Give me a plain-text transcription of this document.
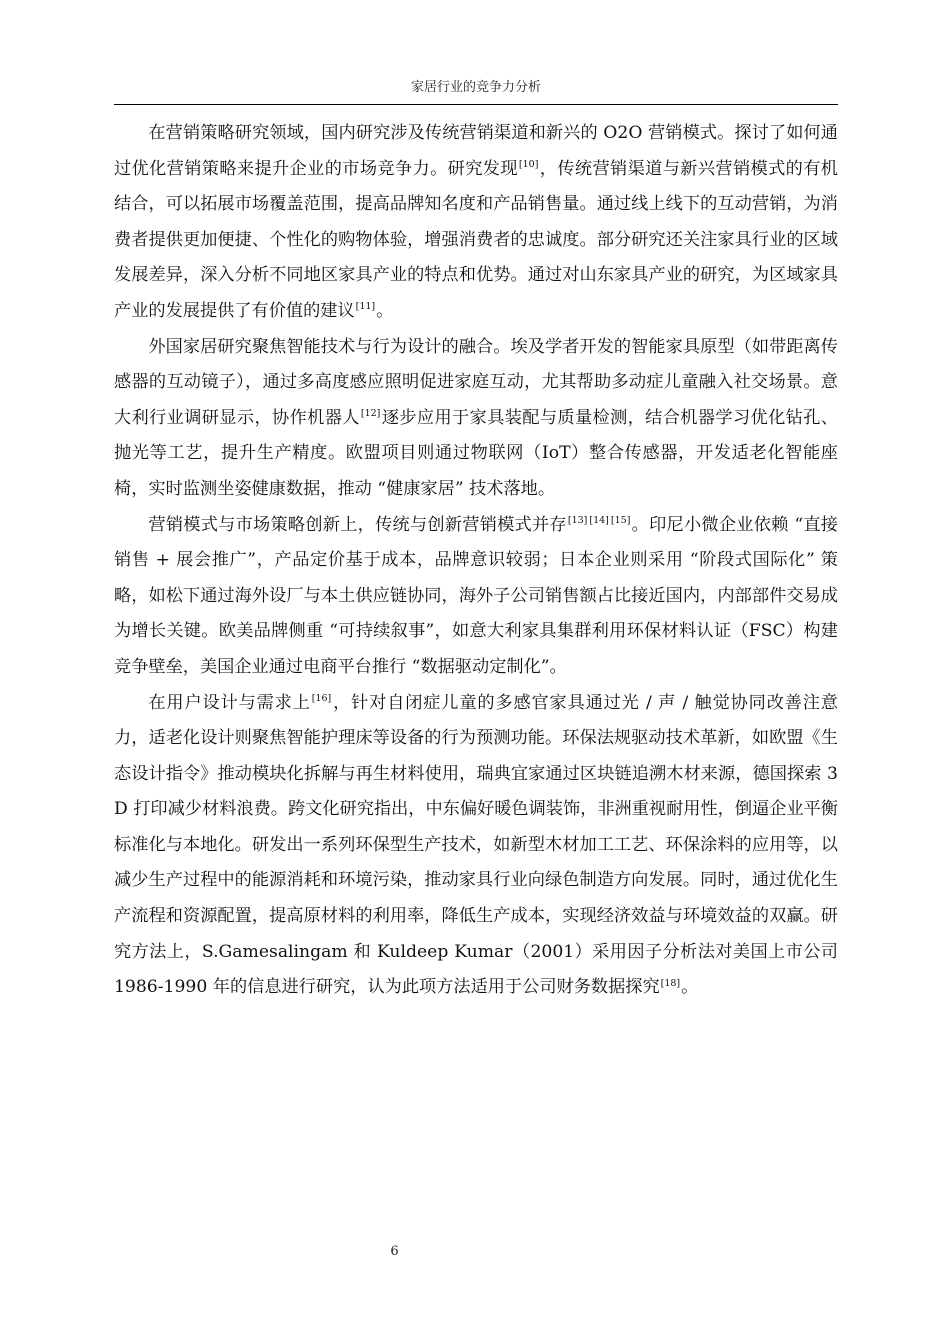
家居行业的竞争力分析

在营销策略研究领域，国内研究涉及传统营销渠道和新兴的 O2O 营销模式。探讨了如何通过优化营销策略来提升企业的市场竞争力。研究发现[10]，传统营销渠道与新兴营销模式的有机结合，可以拓展市场覆盖范围，提高品牌知名度和产品销售量。通过线上线下的互动营销，为消费者提供更加便捷、个性化的购物体验，增强消费者的忠诚度。部分研究还关注家具行业的区域发展差异，深入分析不同地区家具产业的特点和优势。通过对山东家具产业的研究，为区域家具产业的发展提供了有价值的建议[11]。

外国家居研究聚焦智能技术与行为设计的融合。埃及学者开发的智能家具原型（如带距离传感器的互动镜子），通过多高度感应照明促进家庭互动，尤其帮助多动症儿童融入社交场景。意大利行业调研显示，协作机器人[12]逐步应用于家具装配与质量检测，结合机器学习优化钻孔、抛光等工艺，提升生产精度。欧盟项目则通过物联网（IoT）整合传感器，开发适老化智能座椅，实时监测坐姿健康数据，推动 “健康家居” 技术落地。

营销模式与市场策略创新上，传统与创新营销模式并存[13] [14] [15]。印尼小微企业依赖 “直接销售 + 展会推广”，产品定价基于成本，品牌意识较弱；日本企业则采用 “阶段式国际化” 策略，如松下通过海外设厂与本土供应链协同，海外子公司销售额占比接近国内，内部部件交易成为增长关键。欧美品牌侧重 “可持续叙事”，如意大利家具集群利用环保材料认证（FSC）构建竞争壁垒，美国企业通过电商平台推行 “数据驱动定制化”。

在用户设计与需求上[16]，针对自闭症儿童的多感官家具通过光 / 声 / 触觉协同改善注意力，适老化设计则聚焦智能护理床等设备的行为预测功能。环保法规驱动技术革新，如欧盟《生态设计指令》推动模块化拆解与再生材料使用，瑞典宜家通过区块链追溯木材来源，德国探索 3D 打印减少材料浪费。跨文化研究指出，中东偏好暖色调装饰，非洲重视耐用性，倒逼企业平衡标准化与本地化。研发出一系列环保型生产技术，如新型木材加工工艺、环保涂料的应用等，以减少生产过程中的能源消耗和环境污染，推动家具行业向绿色制造方向发展。同时，通过优化生产流程和资源配置，提高原材料的利用率，降低生产成本，实现经济效益与环境效益的双赢。研究方法上，S.Gamesalingam 和 Kuldeep Kumar（2001）采用因子分析法对美国上市公司 1986-1990 年的信息进行研究，认为此项方法适用于公司财务数据探究[18]。

6
